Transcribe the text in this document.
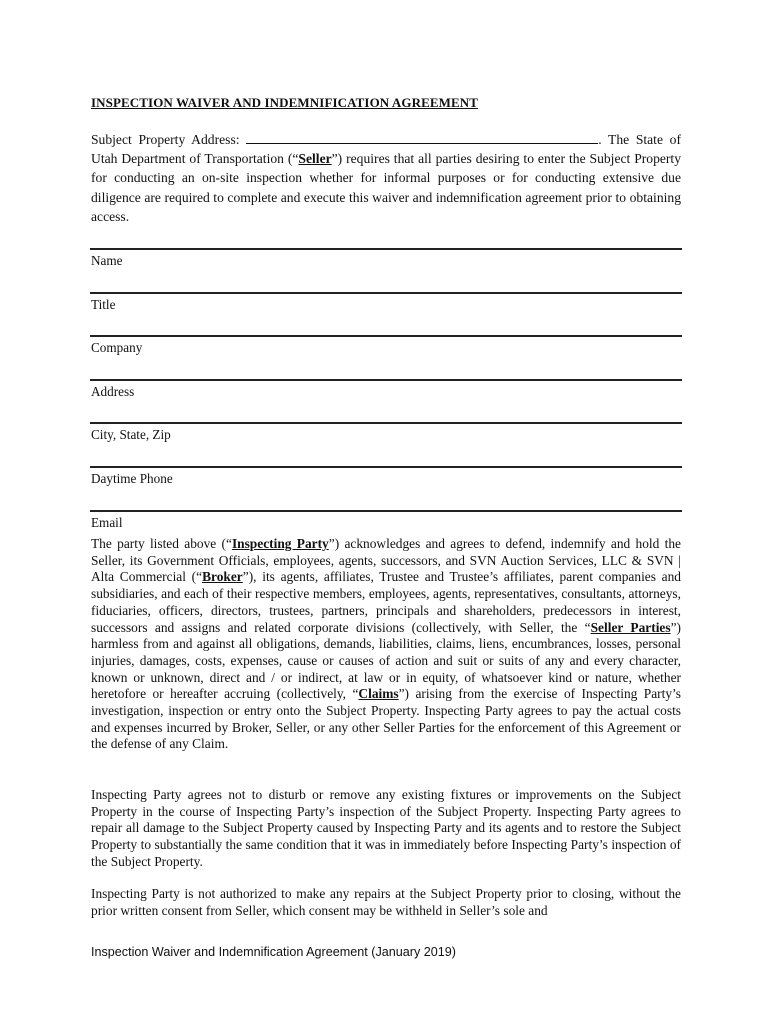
INSPECTION WAIVER AND INDEMNIFICATION AGREEMENT

Subject Property Address:	. The State of Utah Department of Transportation (“Seller”) requires that all parties desiring to enter the Subject Property for conducting an on-site inspection whether for informal purposes or for conducting extensive due diligence are required to complete and execute this waiver and indemnification agreement prior to obtaining access.

Name
Title
Company
Address
City, State, Zip
Daytime Phone
Email

The party listed above (“Inspecting Party”) acknowledges and agrees to defend, indemnify and hold the Seller, its Government Officials, employees, agents, successors, and SVN Auction Services, LLC & SVN | Alta Commercial (“Broker”), its agents, affiliates, Trustee and Trustee’s affiliates, parent companies and subsidiaries, and each of their respective members, employees, agents, representatives, consultants, attorneys, fiduciaries, officers, directors, trustees, partners, principals and shareholders, predecessors in interest, successors and assigns and related corporate divisions (collectively, with Seller, the “Seller Parties”) harmless from and against all obligations, demands, liabilities, claims, liens, encumbrances, losses, personal injuries, damages, costs, expenses, cause or causes of action and suit or suits of any and every character, known or unknown, direct and / or indirect, at law or in equity, of whatsoever kind or nature, whether heretofore or hereafter accruing (collectively, “Claims”) arising from the exercise of Inspecting Party’s investigation, inspection or entry onto the Subject Property. Inspecting Party agrees to pay the actual costs and expenses incurred by Broker, Seller, or any other Seller Parties for the enforcement of this Agreement or the defense of any Claim.

Inspecting Party agrees not to disturb or remove any existing fixtures or improvements on the Subject Property in the course of Inspecting Party’s inspection of the Subject Property. Inspecting Party agrees to repair all damage to the Subject Property caused by Inspecting Party and its agents and to restore the Subject Property to substantially the same condition that it was in immediately before Inspecting Party’s inspection of the Subject Property.

Inspecting Party is not authorized to make any repairs at the Subject Property prior to closing, without the prior written consent from Seller, which consent may be withheld in Seller’s sole and

Inspection Waiver and Indemnification Agreement (January 2019)
